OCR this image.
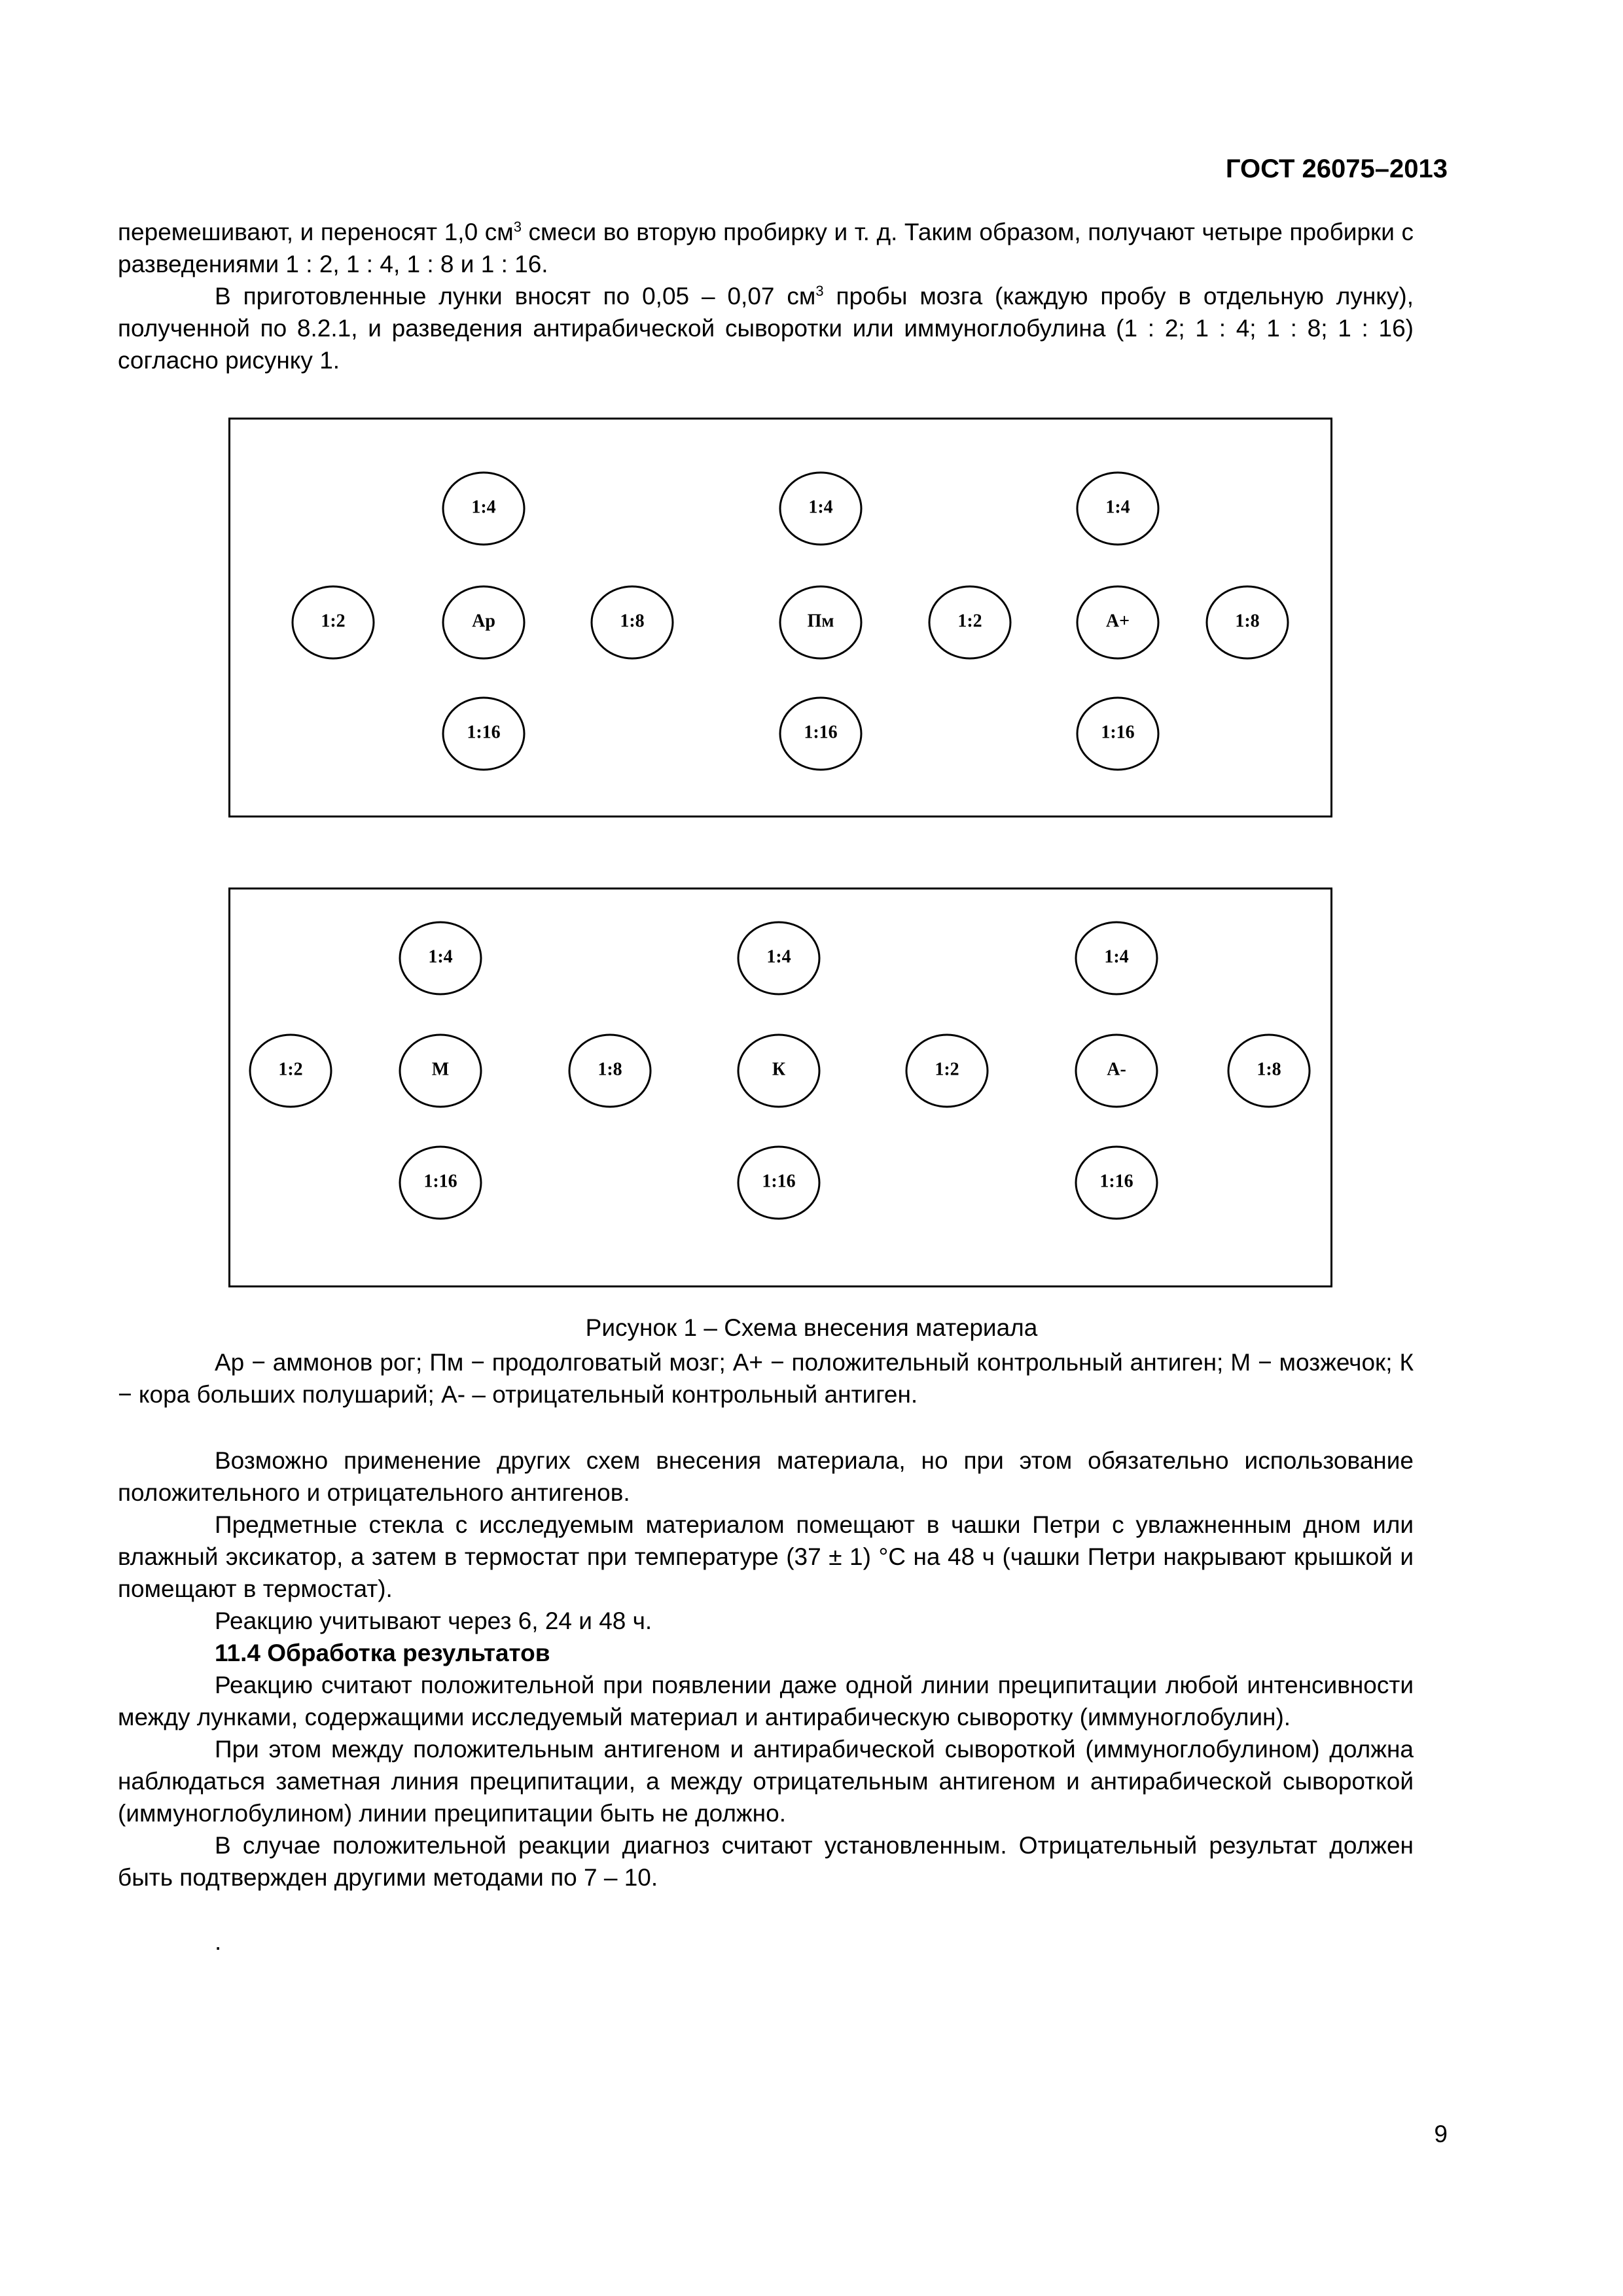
ГОСТ 26075–2013

перемешивают, и переносят 1,0 $см^3$ смеси во вторую пробирку и т. д. Таким образом, получают четыре пробирки с разведениями 1 : 2, 1 : 4, 1 : 8 и 1 : 16.

В приготовленные лунки вносят по 0,05 – 0,07 $см^3$ пробы мозга (каждую пробу в отдельную лунку), полученной по 8.2.1, и разведения антирабической сыворотки или иммуноглобулина (1 : 2; 1 : 4; 1 : 8; 1 : 16) согласно рисунку 1.

1:4	1:4	1:4
1:2	Ар	1:8	Пм	1:2	А+	1:8
1:16	1:16	1:16
1:4	1:4	1:4
1:2	М	1:8	К	1:2	А-	1:8
1:16	1:16	1:16
Рисунок 1 – Схема внесения материала

Ар − аммонов рог; Пм − продолговатый мозг; А+ − положительный контрольный антиген; М − мозжечок; К − кора больших полушарий; А- – отрицательный контрольный антиген.

Возможно применение других схем внесения материала, но при этом обязательно использование положительного и отрицательного антигенов.

Предметные стекла с исследуемым материалом помещают в чашки Петри с увлажненным дном или влажный эксикатор, а затем в термостат при температуре (37 ± 1) °С на 48 ч (чашки Петри накрывают крышкой и помещают в термостат).

Реакцию учитывают через 6, 24 и 48 ч.

11.4 Обработка результатов

Реакцию считают положительной при появлении даже одной линии преципитации любой интенсивности между лунками, содержащими исследуемый материал и антирабическую сыворотку (иммуноглобулин).

При этом между положительным антигеном и антирабической сывороткой (иммуноглобулином) должна наблюдаться заметная линия преципитации, а между отрицательным антигеном и антирабической сывороткой (иммуноглобулином) линии преципитации быть не должно.

В случае положительной реакции диагноз считают установленным. Отрицательный результат должен быть подтвержден другими методами по 7 – 10.

.

9
